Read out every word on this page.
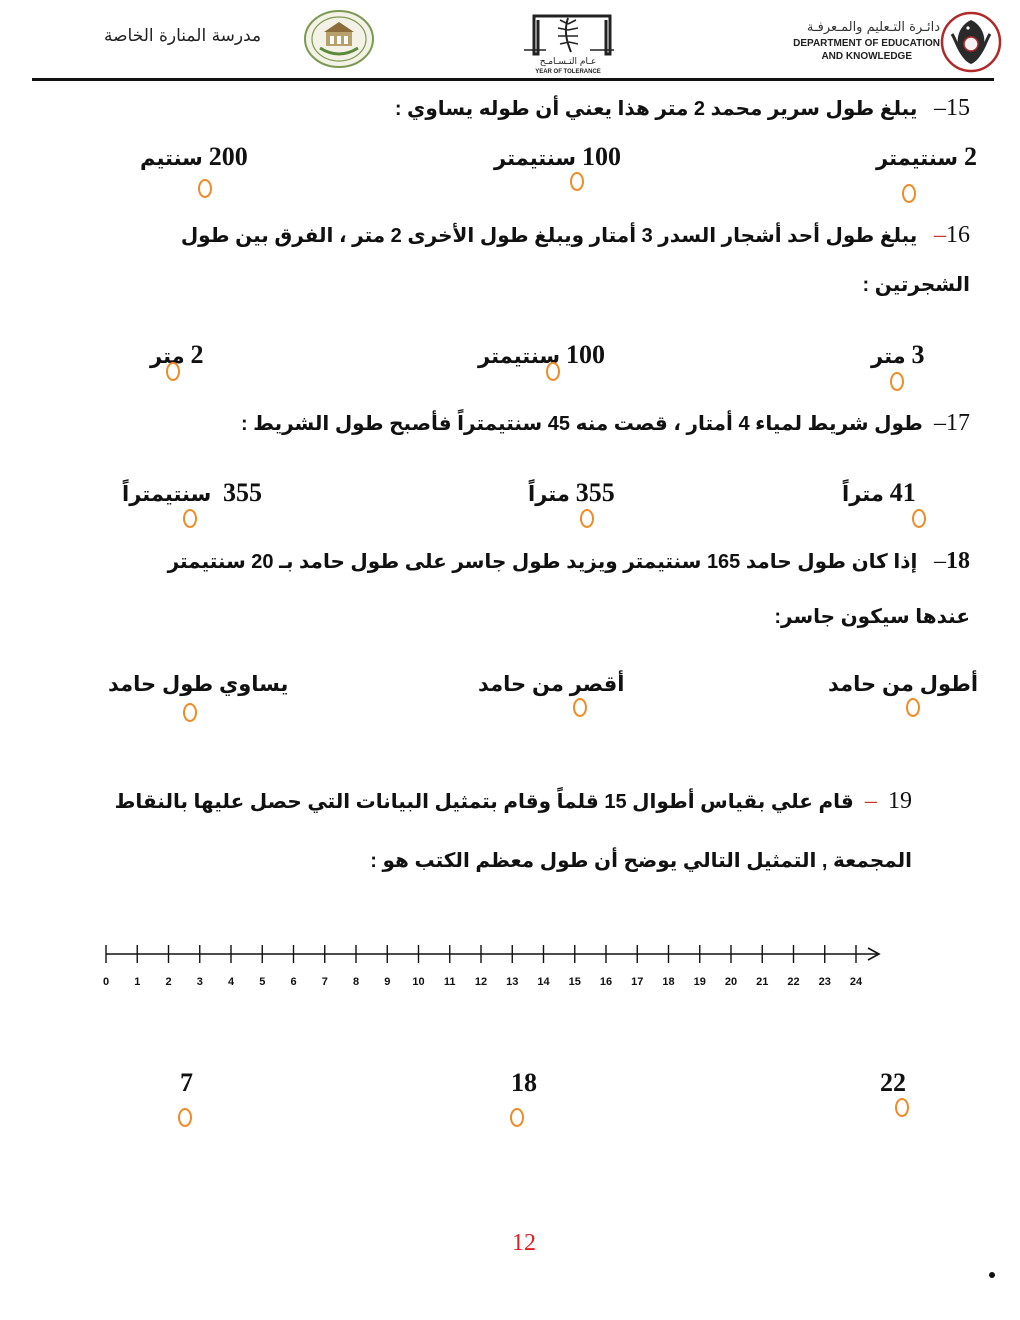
مدرسة المنارة الخاصة
عـام التـسـامـح
YEAR OF TOLERANCE
دائـرة التـعليم والمـعرفـة
DEPARTMENT OF EDUCATION
AND KNOWLEDGE
15–   يبلغ طول سرير محمد 2 متر هذا يعني أن طوله يساوي :
2 سنتيمتر
100 سنتيمتر
200 سنتيم
16–   يبلغ طول أحد أشجار السدر 3 أمتار ويبلغ طول الأخرى 2 متر ، الفرق بين طول
الشجرتين :
3 متر
100 سنتيمتر
2 متر
17–  طول شريط لمياء 4 أمتار ، قصت منه 45 سنتيمتراً فأصبح طول الشريط :
41 متراً
355 متراً
355  سنتيمتراً
18–   إذا كان طول حامد 165 سنتيمتر ويزيد طول جاسر على طول حامد بـ 20 سنتيمتر
عندها سيكون جاسر:
أطول من حامد
أقصر من حامد
يساوي طول حامد
19  –  قام علي بقياس أطوال 15 قلماً وقام بتمثيل البيانات التي حصل عليها بالنقاط
المجمعة , التمثيل التالي يوضح أن طول معظم الكتب هو :
0 1 2 3 4 5 6 7 8 9 10 11 12 13 14 15 16 17 18 19 20 21 22 23 24
22
18
7
12
